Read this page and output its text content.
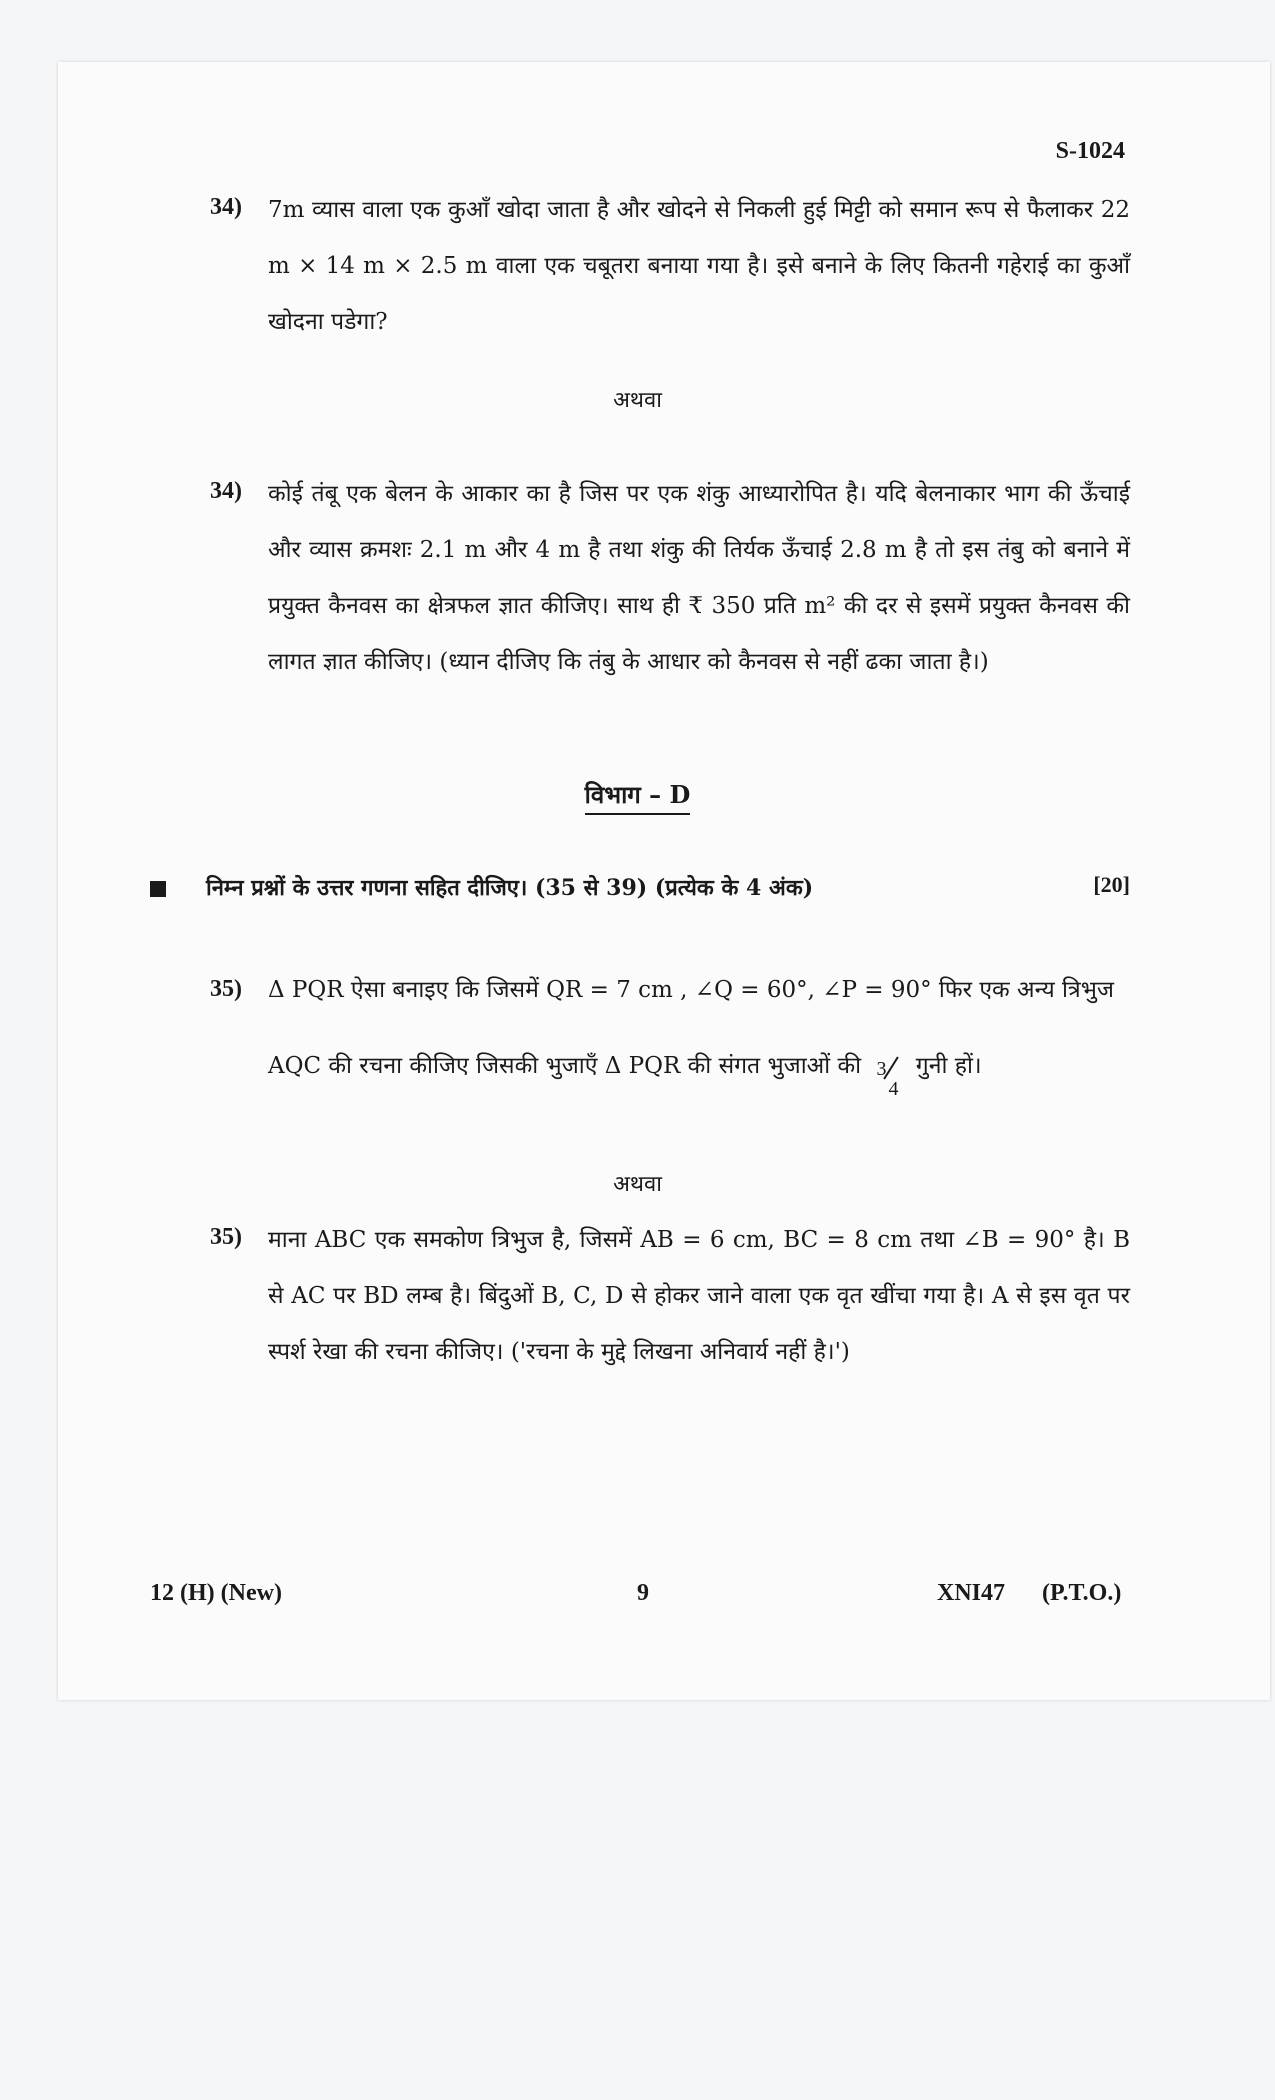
S-1024
34) 7m व्यास वाला एक कुआँ खोदा जाता है और खोदने से निकली हुई मिट्टी को समान रूप से फैलाकर 22 m × 14 m × 2.5 m वाला एक चबूतरा बनाया गया है। इसे बनाने के लिए कितनी गहेराई का कुआँ खोदना पडेगा?
अथवा
34) कोई तंबू एक बेलन के आकार का है जिस पर एक शंकु आध्यारोपित है। यदि बेलनाकार भाग की ऊँचाई और व्यास क्रमशः 2.1 m और 4 m है तथा शंकु की तिर्यक ऊँचाई 2.8 m है तो इस तंबु को बनाने में प्रयुक्त कैनवस का क्षेत्रफल ज्ञात कीजिए। साथ ही ₹ 350 प्रति m² की दर से इसमें प्रयुक्त कैनवस की लागत ज्ञात कीजिए। (ध्यान दीजिए कि तंबु के आधार को कैनवस से नहीं ढका जाता है।)
विभाग – D
निम्न प्रश्नों के उत्तर गणना सहित दीजिए। (35 से 39) (प्रत्येक के 4 अंक)	[20]
35) Δ PQR ऐसा बनाइए कि जिसमें QR = 7 cm , ∠Q = 60°, ∠P = 90° फिर एक अन्य त्रिभुज
AQC की रचना कीजिए जिसकी भुजाएँ Δ PQR की संगत भुजाओं की 3
4
गुनी हों।
अथवा
35) माना ABC एक समकोण त्रिभुज है, जिसमें AB = 6 cm, BC = 8 cm तथा ∠B = 90° है। B से AC पर BD लम्ब है। बिंदुओं B, C, D से होकर जाने वाला एक वृत खींचा गया है। A से इस वृत पर स्पर्श रेखा की रचना कीजिए। ('रचना के मुद्दे लिखना अनिवार्य नहीं है।')
12 (H) (New)	9	XNI47 (P.T.O.)
